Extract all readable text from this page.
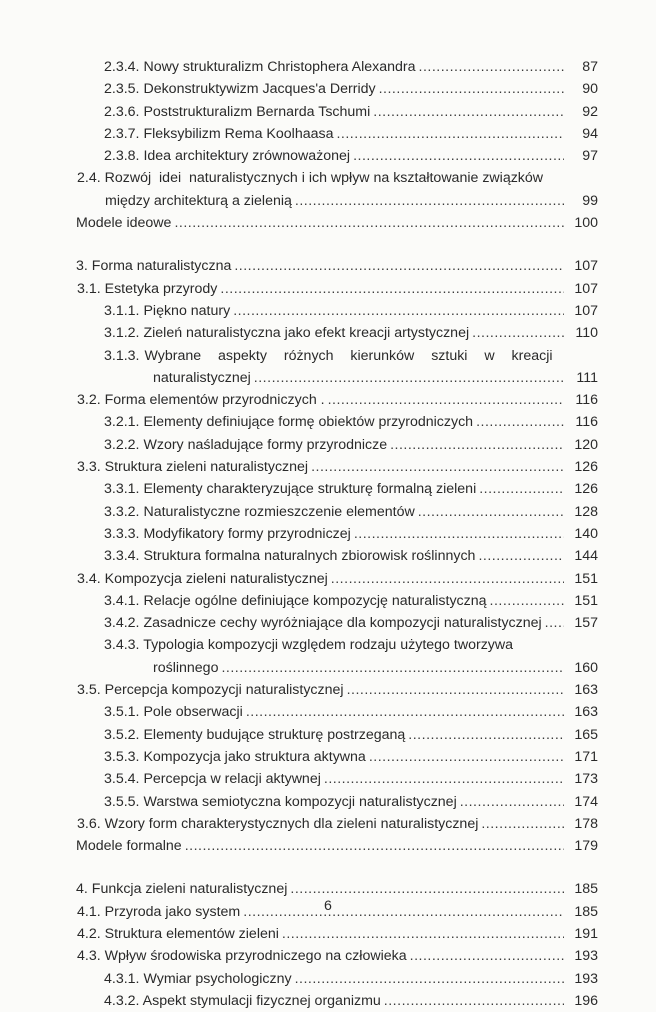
2.3.4. Nowy strukturalizm Christophera Alexandra .....	87
2.3.5. Dekonstruktywizm Jacques'a Derridy .....	90
2.3.6. Poststrukturalizm Bernarda Tschumi .....	92
2.3.7. Fleksybilizm Rema Koolhaasa .....	94
2.3.8. Idea architektury zrównoważonej .....	97
2.4. Rozwój  idei  naturalistycznych i ich wpływ na kształtowanie związków
między architekturą a zielenią .....	99
Modele ideowe .....	100
3. Forma naturalistyczna .....	107
3.1. Estetyka przyrody .....	107
3.1.1. Piękno natury .....	107
3.1.2. Zieleń naturalistyczna jako efekt kreacji artystycznej .....	110
3.1.3. Wybrane aspekty różnych kierunków sztuki w kreacji
naturalistycznej .....	111
3.2. Forma elementów przyrodniczych . .....	116
3.2.1. Elementy definiujące formę obiektów przyrodniczych .....	116
3.2.2. Wzory naśladujące formy przyrodnicze .....	120
3.3. Struktura zieleni naturalistycznej .....	126
3.3.1. Elementy charakteryzujące strukturę formalną zieleni .....	126
3.3.2. Naturalistyczne rozmieszczenie elementów .....	128
3.3.3. Modyfikatory formy przyrodniczej .....	140
3.3.4. Struktura formalna naturalnych zbiorowisk roślinnych .....	144
3.4. Kompozycja zieleni naturalistycznej .....	151
3.4.1. Relacje ogólne definiujące kompozycję naturalistyczną .....	151
3.4.2. Zasadnicze cechy wyróżniające dla kompozycji naturalistycznej .....	157
3.4.3. Typologia kompozycji względem rodzaju użytego tworzywa
roślinnego .....	160
3.5. Percepcja kompozycji naturalistycznej .....	163
3.5.1. Pole obserwacji .....	163
3.5.2. Elementy budujące strukturę postrzeganą .....	165
3.5.3. Kompozycja jako struktura aktywna .....	171
3.5.4. Percepcja w relacji aktywnej .....	173
3.5.5. Warstwa semiotyczna kompozycji naturalistycznej .....	174
3.6. Wzory form charakterystycznych dla zieleni naturalistycznej .....	178
Modele formalne .....	179
4. Funkcja zieleni naturalistycznej .....	185
4.1. Przyroda jako system .....	185
4.2. Struktura elementów zieleni .....	191
4.3. Wpływ środowiska przyrodniczego na człowieka .....	193
4.3.1. Wymiar psychologiczny .....	193
4.3.2. Aspekt stymulacji fizycznej organizmu .....	196
6
